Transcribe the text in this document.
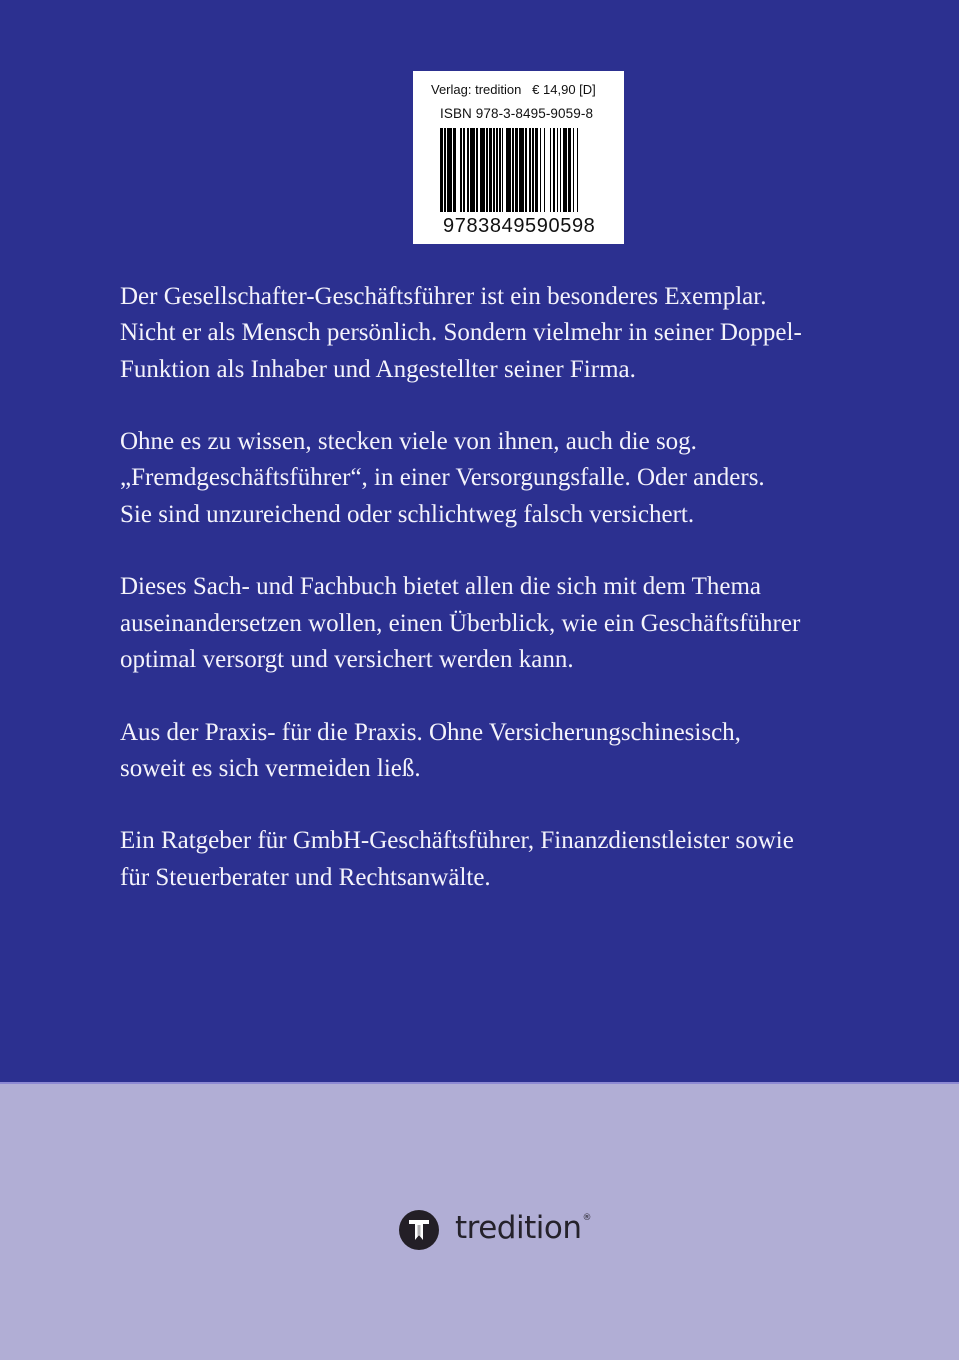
Verlag: tredition   € 14,90 [D]
ISBN 978-3-8495-9059-8
9783849590598

Der Gesellschafter-Geschäftsführer ist ein besonderes Exemplar.
Nicht er als Mensch persönlich. Sondern vielmehr in seiner Doppel-
Funktion als Inhaber und Angestellter seiner Firma.

Ohne es zu wissen, stecken viele von ihnen, auch die sog.
„Fremdgeschäftsführer“, in einer Versorgungsfalle. Oder anders.
Sie sind unzureichend oder schlichtweg falsch versichert.

Dieses Sach- und Fachbuch bietet allen die sich mit dem Thema
auseinandersetzen wollen, einen Überblick, wie ein Geschäftsführer
optimal versorgt und versichert werden kann.

Aus der Praxis- für die Praxis. Ohne Versicherungschinesisch,
soweit es sich vermeiden ließ.

Ein Ratgeber für GmbH-Geschäftsführer, Finanzdienstleister sowie
für Steuerberater und Rechtsanwälte.

tredition ®
